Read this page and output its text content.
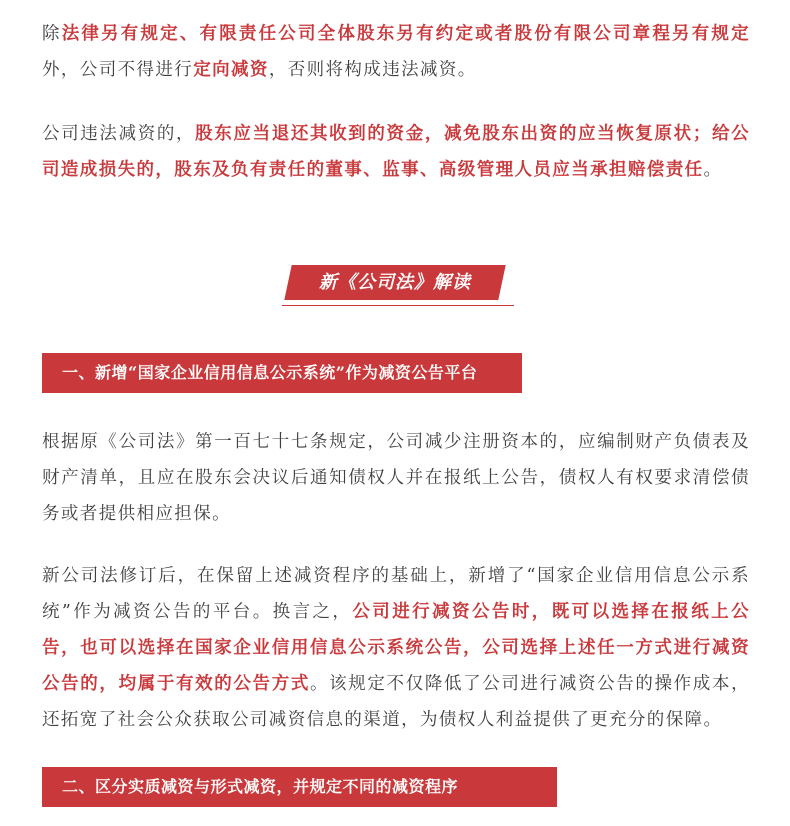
除法律另有规定、有限责任公司全体股东另有约定或者股份有限公司章程另有规定外，公司不得进行定向减资，否则将构成违法减资。

公司违法减资的，股东应当退还其收到的资金，减免股东出资的应当恢复原状；给公司造成损失的，股东及负有责任的董事、监事、高级管理人员应当承担赔偿责任。

新《公司法》解读
一、新增“国家企业信用信息公示系统”作为减资公告平台

根据原《公司法》第一百七十七条规定，公司减少注册资本的，应编制财产负债表及财产清单，且应在股东会决议后通知债权人并在报纸上公告，债权人有权要求清偿债务或者提供相应担保。

新公司法修订后，在保留上述减资程序的基础上，新增了“国家企业信用信息公示系统”作为减资公告的平台。换言之，公司进行减资公告时，既可以选择在报纸上公告，也可以选择在国家企业信用信息公示系统公告，公司选择上述任一方式进行减资公告的，均属于有效的公告方式。该规定不仅降低了公司进行减资公告的操作成本，还拓宽了社会公众获取公司减资信息的渠道，为债权人利益提供了更充分的保障。

二、区分实质减资与形式减资，并规定不同的减资程序
